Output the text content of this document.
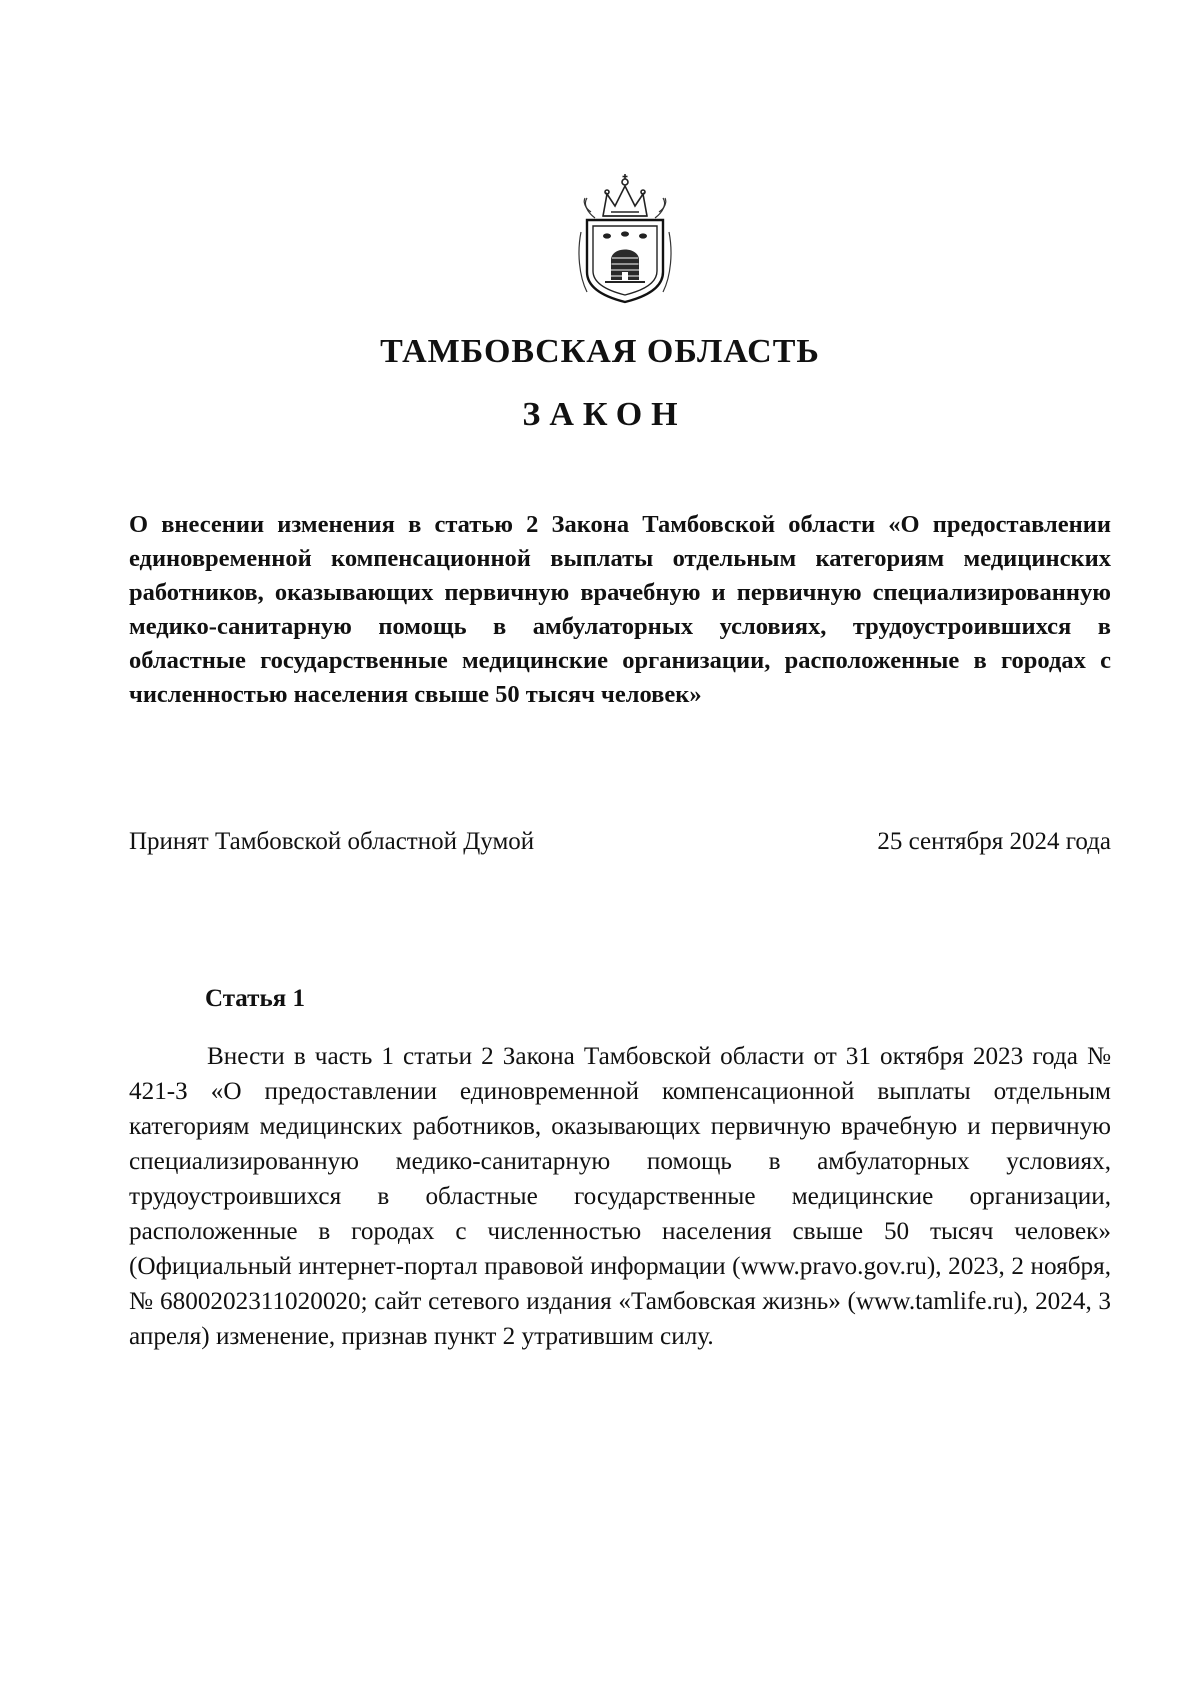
ТАМБОВСКАЯ ОБЛАСТЬ
ЗАКОН
О внесении изменения в статью 2 Закона Тамбовской области «О предоставлении единовременной компенсационной выплаты отдельным категориям медицинских работников, оказывающих первичную врачебную и первичную специализированную медико-санитарную помощь в амбулаторных условиях, трудоустроившихся в областные государственные медицинские организации, расположенные в городах с численностью населения свыше 50 тысяч человек»
Принят Тамбовской областной Думой	25 сентября 2024 года
Статья 1

Внести в часть 1 статьи 2 Закона Тамбовской области от 31 октября 2023 года № 421-З «О предоставлении единовременной компенсационной выплаты отдельным категориям медицинских работников, оказывающих первичную врачебную и первичную специализированную медико-санитарную помощь в амбулаторных условиях, трудоустроившихся в областные государственные медицинские организации, расположенные в городах с численностью населения свыше 50 тысяч человек» (Официальный интернет-портал правовой информации (www.pravo.gov.ru), 2023, 2 ноября, № 6800202311020020; сайт сетевого издания «Тамбовская жизнь» (www.tamlife.ru), 2024, 3 апреля) изменение, признав пункт 2 утратившим силу.
